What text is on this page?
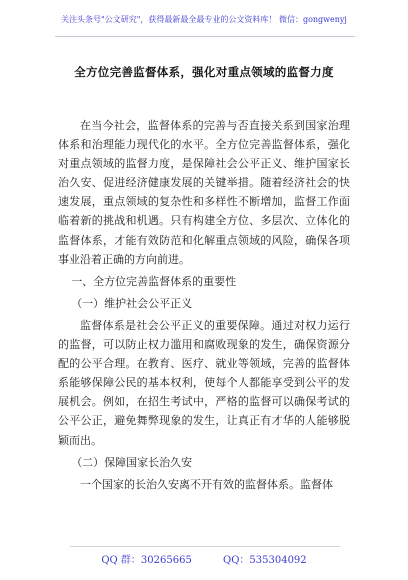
关注头条号"公文研究"，获得最新最全最专业的公文资料库！ 微信：gongwenyj
全方位完善监督体系，强化对重点领域的监督力度

在当今社会，监督体系的完善与否直接关系到国家治理体系和治理能力现代化的水平。全方位完善监督体系，强化对重点领域的监督力度，是保障社会公平正义、维护国家长治久安、促进经济健康发展的关键举措。随着经济社会的快速发展，重点领域的复杂性和多样性不断增加，监督工作面临着新的挑战和机遇。只有构建全方位、多层次、立体化的监督体系，才能有效防范和化解重点领域的风险，确保各项事业沿着正确的方向前进。

一、全方位完善监督体系的重要性

（一）维护社会公平正义

监督体系是社会公平正义的重要保障。通过对权力运行的监督，可以防止权力滥用和腐败现象的发生，确保资源分配的公平合理。在教育、医疗、就业等领域，完善的监督体系能够保障公民的基本权利，使每个人都能享受到公平的发展机会。例如，在招生考试中，严格的监督可以确保考试的公平公正，避免舞弊现象的发生，让真正有才华的人能够脱颖而出。

（二）保障国家长治久安

一个国家的长治久安离不开有效的监督体系。监督体

QQ 群：30265665	QQ：535304092
